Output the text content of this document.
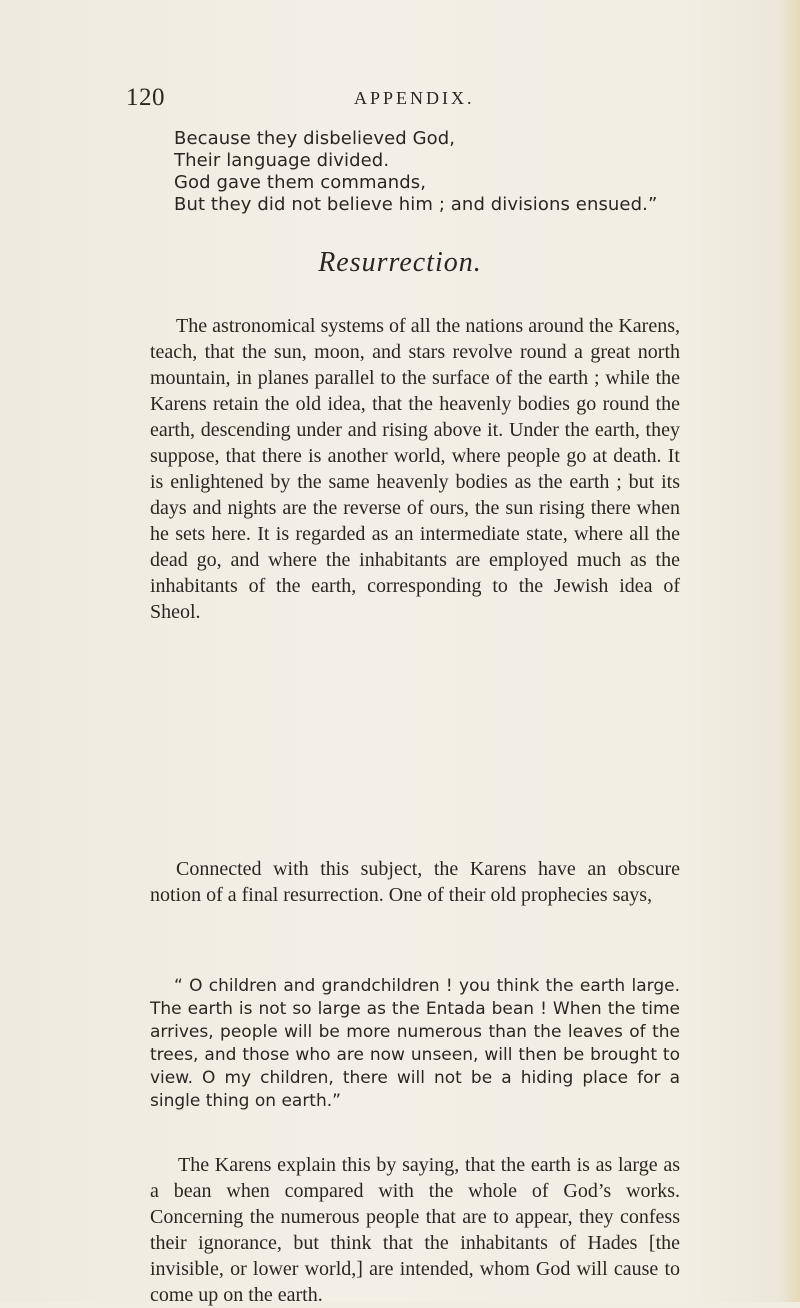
120	APPENDIX.
Because they disbelieved God,
Their language divided.
God gave them commands,
But they did not believe him ; and divisions ensued.”
Resurrection.

The astronomical systems of all the nations around the Karens, teach, that the sun, moon, and stars revolve round a great north mountain, in planes parallel to the surface of the earth ; while the Karens retain the old idea, that the heavenly bodies go round the earth, descending under and rising above it. Under the earth, they suppose, that there is another world, where people go at death. It is enlightened by the same heavenly bodies as the earth ; but its days and nights are the reverse of ours, the sun rising there when he sets here. It is regarded as an intermediate state, where all the dead go, and where the inhabitants are employed much as the inhabitants of the earth, corresponding to the Jewish idea of Sheol.

Connected with this subject, the Karens have an obscure notion of a final resurrection. One of their old prophecies says,

“ O children and grandchildren ! you think the earth large. The earth is not so large as the Entada bean ! When the time arrives, people will be more numerous than the leaves of the trees, and those who are now unseen, will then be brought to view. O my children, there will not be a hiding place for a single thing on earth.”

The Karens explain this by saying, that the earth is as large as a bean when compared with the whole of God’s works. Concerning the numerous people that are to appear, they confess their ignorance, but think that the inhabitants of Hades [the invisible, or lower world,] are intended, whom God will cause to come up on the earth.
